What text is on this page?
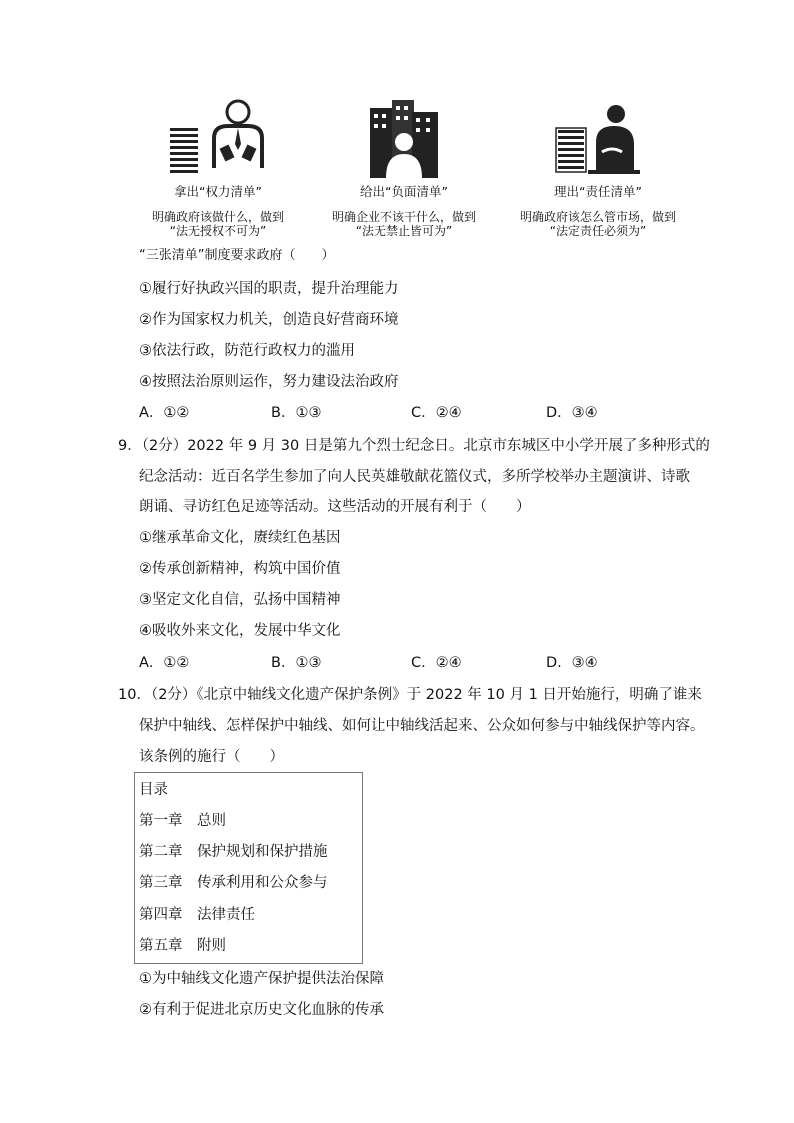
拿出“权力清单”
明确政府该做什么，做到
“法无授权不可为”
给出“负面清单”
明确企业不该干什么，做到
“法无禁止皆可为”
理出“责任清单”
明确政府该怎么管市场，做到
“法定责任必须为”
“三张清单”制度要求政府（　　）
①履行好执政兴国的职责，提升治理能力
②作为国家权力机关，创造良好营商环境
③依法行政，防范行政权力的滥用
④按照法治原则运作，努力建设法治政府
A．①②	B．①③	C．②④	D．③④
9．（2分）2022 年 9 月 30 日是第九个烈士纪念日。北京市东城区中小学开展了多种形式的
纪念活动：近百名学生参加了向人民英雄敬献花篮仪式，多所学校举办主题演讲、诗歌
朗诵、寻访红色足迹等活动。这些活动的开展有利于（　　）
①继承革命文化，赓续红色基因
②传承创新精神，构筑中国价值
③坚定文化自信，弘扬中国精神
④吸收外来文化，发展中华文化
A．①②	B．①③	C．②④	D．③④
10．（2分）《北京中轴线文化遗产保护条例》于 2022 年 10 月 1 日开始施行，明确了谁来
保护中轴线、怎样保护中轴线、如何让中轴线活起来、公众如何参与中轴线保护等内容。
该条例的施行（　　）
目录
第一章　总则
第二章　保护规划和保护措施
第三章　传承利用和公众参与
第四章　法律责任
第五章　附则
①为中轴线文化遗产保护提供法治保障
②有利于促进北京历史文化血脉的传承
